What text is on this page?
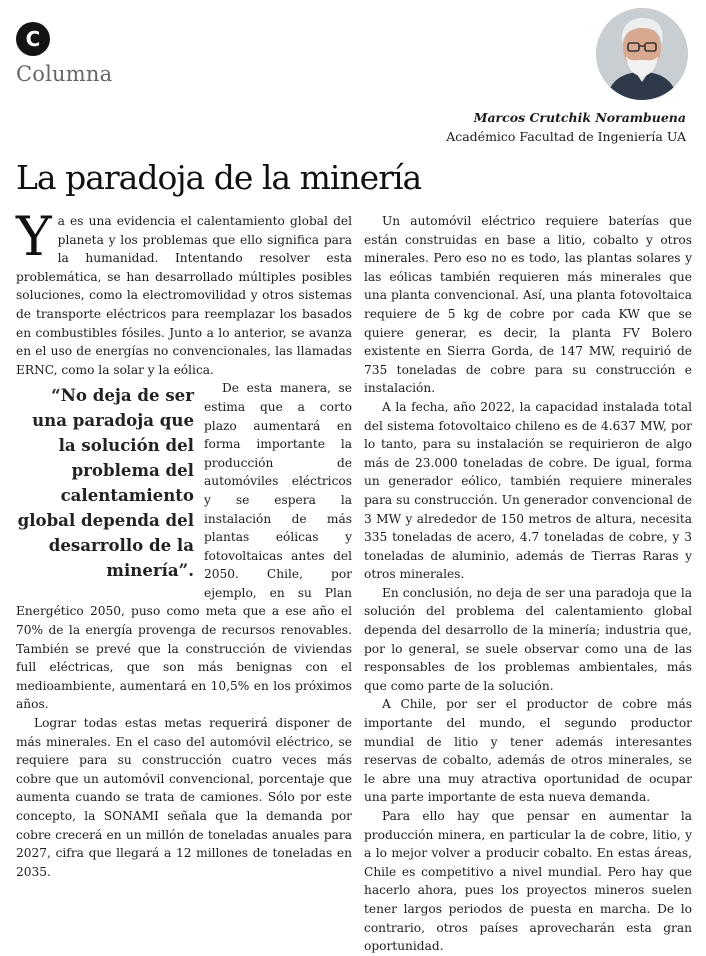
C
Columna
Marcos Crutchik Norambuena
Académico Facultad de Ingeniería UA
La paradoja de la minería

Ya es una evidencia el calentamiento global del planeta y los problemas que ello significa para la humanidad. Intentando resolver esta problemática, se han desarrollado múltiples posibles soluciones, como la electromovilidad y otros sistemas de transporte eléctricos para reemplazar los basados en combustibles fósiles. Junto a lo anterior, se avanza en el uso de energías no convencionales, las llamadas ERNC, como la solar y la eólica.

“No deja de ser una paradoja que la solución del problema del calentamiento global dependa del desarrollo de la minería”.
De esta manera, se estima que a corto plazo aumentará en forma importante la producción de automóviles eléctricos y se espera la instalación de más plantas eólicas y fotovoltaicas antes del 2050. Chile, por ejemplo, en su Plan Energético 2050, puso como meta que a ese año el 70% de la energía provenga de recursos renovables. También se prevé que la construcción de viviendas full eléctricas, que son más benignas con el medioambiente, aumentará en 10,5% en los próximos años.

Lograr todas estas metas requerirá disponer de más minerales. En el caso del automóvil eléctrico, se requiere para su construcción cuatro veces más cobre que un automóvil convencional, porcentaje que aumenta cuando se trata de camiones. Sólo por este concepto, la SONAMI señala que la demanda por cobre crecerá en un millón de toneladas anuales para 2027, cifra que llegará a 12 millones de toneladas en 2035.

Un automóvil eléctrico requiere baterías que están construidas en base a litio, cobalto y otros minerales. Pero eso no es todo, las plantas solares y las eólicas también requieren más minerales que una planta convencional. Así, una planta fotovoltaica requiere de 5 kg de cobre por cada KW que se quiere generar, es decir, la planta FV Bolero existente en Sierra Gorda, de 147 MW, requirió de 735 toneladas de cobre para su construcción e instalación.

A la fecha, año 2022, la capacidad instalada total del sistema fotovoltaico chileno es de 4.637 MW, por lo tanto, para su instalación se requirieron de algo más de 23.000 toneladas de cobre. De igual, forma un generador eólico, también requiere minerales para su construcción. Un generador convencional de 3 MW y alrededor de 150 metros de altura, necesita 335 toneladas de acero, 4.7 toneladas de cobre, y 3 toneladas de aluminio, además de Tierras Raras y otros minerales.

En conclusión, no deja de ser una paradoja que la solución del problema del calentamiento global dependa del desarrollo de la minería; industria que, por lo general, se suele observar como una de las responsables de los problemas ambientales, más que como parte de la solución.

A Chile, por ser el productor de cobre más importante del mundo, el segundo productor mundial de litio y tener además interesantes reservas de cobalto, además de otros minerales, se le abre una muy atractiva oportunidad de ocupar una parte importante de esta nueva demanda.

Para ello hay que pensar en aumentar la producción minera, en particular la de cobre, litio, y a lo mejor volver a producir cobalto. En estas áreas, Chile es competitivo a nivel mundial. Pero hay que hacerlo ahora, pues los proyectos mineros suelen tener largos periodos de puesta en marcha. De lo contrario, otros países aprovecharán esta gran oportunidad.
